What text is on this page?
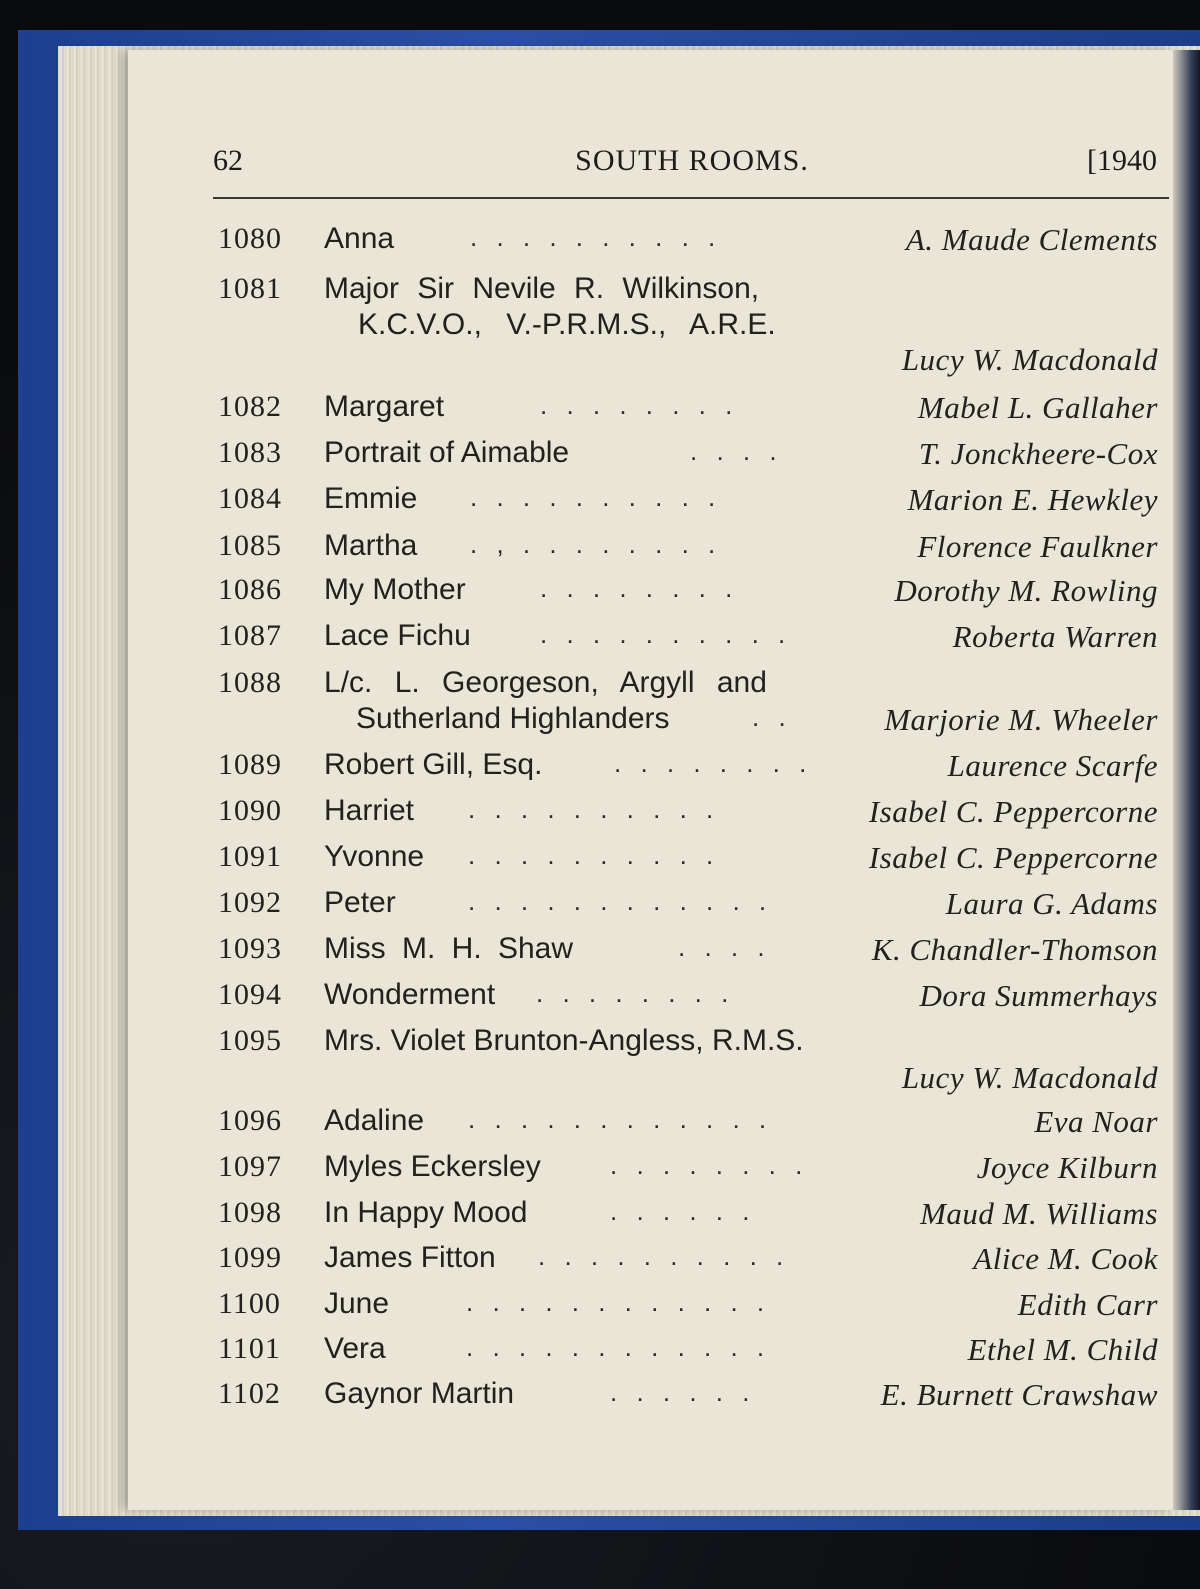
62	SOUTH ROOMS.	[1940
1080 Anna	. . . . . . . . . .	A. Maude Clements
1081 Major Sir Nevile R. Wilkinson,
K.C.V.O., V.-P.R.M.S., A.R.E.
Lucy W. Macdonald
1082 Margaret	. . . . . . . .	Mabel L. Gallaher
1083 Portrait of Aimable	. . . .	T. Jonckheere-Cox
1084 Emmie . . . . . . . . . .	Marion E. Hewkley
1085 Martha . , . . . . . . . .	Florence Faulkner
1086 My Mother	. . . . . . . .	Dorothy M. Rowling
1087 Lace Fichu	. . . . . . . . . .	Roberta Warren
1088 L/c. L. Georgeson, Argyll and
Sutherland Highlanders	. .	Marjorie M. Wheeler
1089 Robert Gill, Esq.	. . . . . . . .	Laurence Scarfe
1090 Harriet . . . . . . . . . .	Isabel C. Peppercorne
1091 Yvonne . . . . . . . . . .	Isabel C. Peppercorne
1092 Peter	. . . . . . . . . . . .	Laura G. Adams
1093 Miss M. H. Shaw	. . . .	K. Chandler-Thomson
1094 Wonderment . . . . . . . .	Dora Summerhays
1095 Mrs. Violet Brunton-Angless, R.M.S.
Lucy W. Macdonald
1096 Adaline . . . . . . . . . . . .	Eva Noar
1097 Myles Eckersley	. . . . . . . .	Joyce Kilburn
1098 In Happy Mood	. . . . . .	Maud M. Williams
1099 James Fitton . . . . . . . . . .	Alice M. Cook
1100 June	. . . . . . . . . . . .	Edith Carr
1101 Vera	. . . . . . . . . . . .	Ethel M. Child
1102 Gaynor Martin	. . . . . .	E. Burnett Crawshaw
